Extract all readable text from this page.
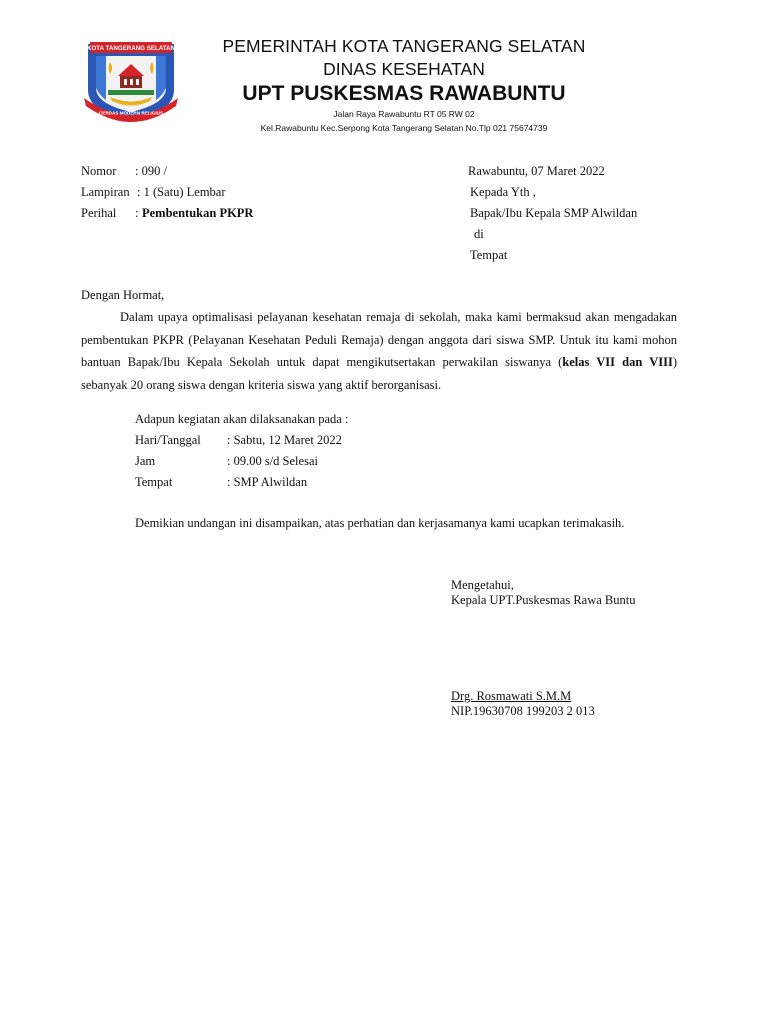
KOTA TANGERANG SELATAN
CERDAS MODERN RELIGIUS
PEMERINTAH KOTA TANGERANG SELATAN
DINAS KESEHATAN
UPT PUSKESMAS RAWABUNTU
Jalan Raya Rawabuntu RT 05 RW 02
Kel.Rawabuntu Kec.Serpong Kota Tangerang Selatan No.Tlp 021 75674739
Nomor : 090 /
Lampiran : 1 (Satu) Lembar
Perihal : Pembentukan PKPR
Rawabuntu, 07 Maret 2022
Kepada Yth ,
Bapak/Ibu Kepala SMP Alwildan
di
Tempat
Dengan Hormat,

Dalam upaya optimalisasi pelayanan kesehatan remaja di sekolah, maka kami bermaksud akan mengadakan pembentukan PKPR (Pelayanan Kesehatan Peduli Remaja) dengan anggota dari siswa SMP. Untuk itu kami mohon bantuan Bapak/Ibu Kepala Sekolah untuk dapat mengikutsertakan perwakilan siswanya (kelas VII dan VIII) sebanyak 20 orang siswa dengan kriteria siswa yang aktif berorganisasi.

Adapun kegiatan akan dilaksanakan pada :
Hari/Tanggal : Sabtu, 12 Maret 2022
Jam	: 09.00 s/d Selesai
Tempat	: SMP Alwildan
Demikian undangan ini disampaikan, atas perhatian dan kerjasamanya kami ucapkan terimakasih.
Mengetahui,
Kepala UPT.Puskesmas Rawa Buntu
Drg. Rosmawati S.M.M
NIP.19630708 199203 2 013
